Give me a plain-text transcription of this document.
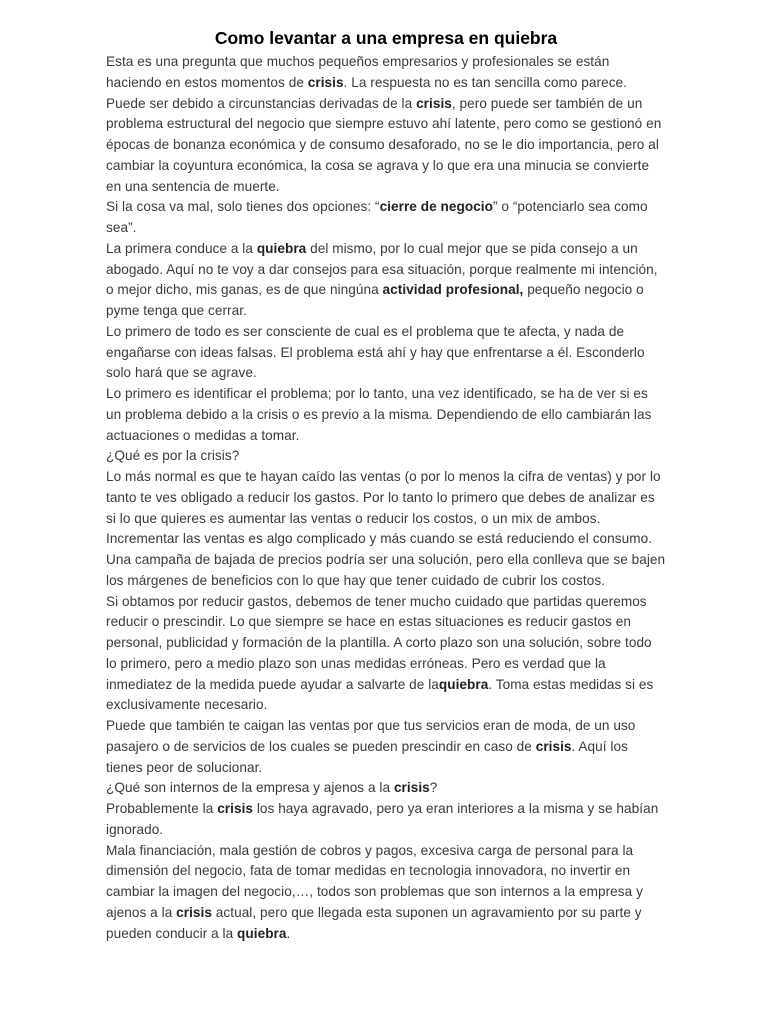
Como levantar a una empresa en quiebra

Esta es una pregunta que muchos pequeños empresarios y profesionales se están haciendo en estos momentos de crisis. La respuesta no es tan sencilla como parece.

Puede ser debido a circunstancias derivadas de la crisis, pero puede ser también de un problema estructural del negocio que siempre estuvo ahí latente, pero como se gestionó en épocas de bonanza económica y de consumo desaforado, no se le dio importancia, pero al cambiar la coyuntura económica, la cosa se agrava y lo que era una minucia se convierte en una sentencia de muerte.

Si la cosa va mal, solo tienes dos opciones: “cierre de negocio” o “potenciarlo sea como sea”.

La primera conduce a la quiebra del mismo, por lo cual mejor que se pida consejo a un abogado. Aquí no te voy a dar consejos para esa situación, porque realmente mi intención, o mejor dicho, mis ganas, es de que ningúna actividad profesional, pequeño negocio o pyme tenga que cerrar.

Lo primero de todo es ser consciente de cual es el problema que te afecta, y nada de engañarse con ideas falsas. El problema está ahí y hay que enfrentarse a él. Esconderlo solo hará que se agrave.

Lo primero es identificar el problema; por lo tanto, una vez identificado, se ha de ver si es un problema debido a la crisis o es previo a la misma. Dependiendo de ello cambiarán las actuaciones o medidas a tomar.

¿Qué es por la crisis?

Lo más normal es que te hayan caído las ventas (o por lo menos la cifra de ventas) y por lo tanto te ves obligado a reducir los gastos. Por lo tanto lo primero que debes de analizar es si lo que quieres es aumentar las ventas o reducir los costos, o un mix de ambos.

Incrementar las ventas es algo complicado y más cuando se está reduciendo el consumo. Una campaña de bajada de precios podría ser una solución, pero ella conlleva que se bajen los márgenes de beneficios con lo que hay que tener cuidado de cubrir los costos.

Si obtamos por reducir gastos, debemos de tener mucho cuidado que partidas queremos reducir o prescindir. Lo que siempre se hace en estas situaciones es reducir gastos en personal, publicidad y formación de la plantilla. A corto plazo son una solución, sobre todo lo primero, pero a medio plazo son unas medidas erróneas. Pero es verdad que la inmediatez de la medida puede ayudar a salvarte de laquiebra. Toma estas medidas si es exclusivamente necesario.

Puede que también te caigan las ventas por que tus servicios eran de moda, de un uso pasajero o de servicios de los cuales se pueden prescindir en caso de crisis. Aquí los tienes peor de solucionar.

¿Qué son internos de la empresa y ajenos a la crisis?

Probablemente la crisis los haya agravado, pero ya eran interiores a la misma y se habían ignorado.

Mala financiación, mala gestión de cobros y pagos, excesiva carga de personal para la dimensión del negocio, fata de tomar medidas en tecnologia innovadora, no invertir en cambiar la imagen del negocio,…, todos son problemas que son internos a la empresa y ajenos a la crisis actual, pero que llegada esta suponen un agravamiento por su parte y pueden conducir a la quiebra.
